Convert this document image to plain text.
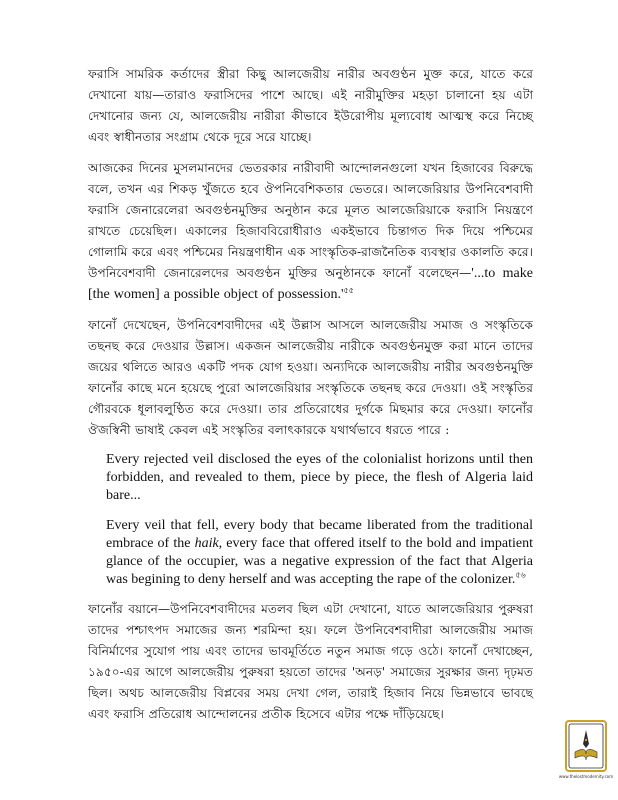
ফরাসি সামরিক কর্তাদের স্ত্রীরা কিছু আলজেরীয় নারীর অবগুণ্ঠন মুক্ত করে, যাতে করে দেখানো যায়—তারাও ফরাসিদের পাশে আছে। এই নারীমুক্তির মহড়া চালানো হয় এটা দেখানোর জন্য যে, আলজেরীয় নারীরা কীভাবে ইউরোপীয় মূল্যবোধ আত্মস্থ করে নিচ্ছে এবং স্বাধীনতার সংগ্রাম থেকে দূরে সরে যাচ্ছে।

আজকের দিনের মুসলমানদের ভেতরকার নারীবাদী আন্দোলনগুলো যখন হিজাবের বিরুদ্ধে বলে, তখন এর শিকড় খুঁজতে হবে ঔপনিবেশিকতার ভেতরে। আলজেরিয়ার উপনিবেশবাদী ফরাসি জেনারেলেরা অবগুণ্ঠনমুক্তির অনুষ্ঠান করে মূলত আলজেরিয়াকে ফরাসি নিয়ন্ত্রণে রাখতে চেয়েছিল। একালের হিজাববিরোধীরাও একইভাবে চিন্তাগত দিক দিয়ে পশ্চিমের গোলামি করে এবং পশ্চিমের নিয়ন্ত্রণাধীন এক সাংস্কৃতিক-রাজনৈতিক ব্যবস্থার ওকালতি করে। উপনিবেশবাদী জেনারেলদের অবগুণ্ঠন মুক্তির অনুষ্ঠানকে ফানোঁ বলেছেন—'...to make [the women] a possible object of $possession.'^{৫৫}$

ফানোঁ দেখেছেন, উপনিবেশবাদীদের এই উল্লাস আসলে আলজেরীয় সমাজ ও সংস্কৃতিকে তছনছ করে দেওয়ার উল্লাস। একজন আলজেরীয় নারীকে অবগুণ্ঠনমুক্ত করা মানে তাদের জয়ের থলিতে আরও একটি পদক যোগ হওয়া। অন্যদিকে আলজেরীয় নারীর অবগুণ্ঠনমুক্তি ফানোঁর কাছে মনে হয়েছে পুরো আলজেরিয়ার সংস্কৃতিকে তছনছ করে দেওয়া। ওই সংস্কৃতির গৌরবকে ধূলাবলুণ্ঠিত করে দেওয়া। তার প্রতিরোধের দুর্গকে মিছমার করে দেওয়া। ফানোঁর ঔজস্বিনী ভাষাই কেবল এই সংস্কৃতির বলাৎকারকে যথার্থভাবে ধরতে পারে :

Every rejected veil disclosed the eyes of the colonialist horizons until then forbidden, and revealed to them, piece by piece, the flesh of Algeria laid bare...

Every veil that fell, every body that became liberated from the traditional embrace of the haik, every face that offered itself to the bold and impatient glance of the occupier, was a negative expression of the fact that Algeria was begining to deny herself and was accepting the rape of the colonizer.$^{৫৬}$

ফানোঁর বয়ানে—উপনিবেশবাদীদের মতলব ছিল এটা দেখানো, যাতে আলজেরিয়ার পুরুষরা তাদের পশ্চাৎপদ সমাজের জন্য শরমিন্দা হয়। ফলে উপনিবেশবাদীরা আলজেরীয় সমাজ বিনির্মাণের সুযোগ পায় এবং তাদের ভাবমূর্তিতে নতুন সমাজ গড়ে ওঠে। ফানোঁ দেখাচ্ছেন, ১৯৫০-এর আগে আলজেরীয় পুরুষরা হয়তো তাদের 'অনড়' সমাজের সুরক্ষার জন্য দৃঢ়মত ছিল। অথচ আলজেরীয় বিপ্লবের সময় দেখা গেল, তারাই হিজাব নিয়ে ভিন্নভাবে ভাবছে এবং ফরাসি প্রতিরোধ আন্দোলনের প্রতীক হিসেবে এটার পক্ষে দাঁড়িয়েছে।

www.thelostmodernity.com
